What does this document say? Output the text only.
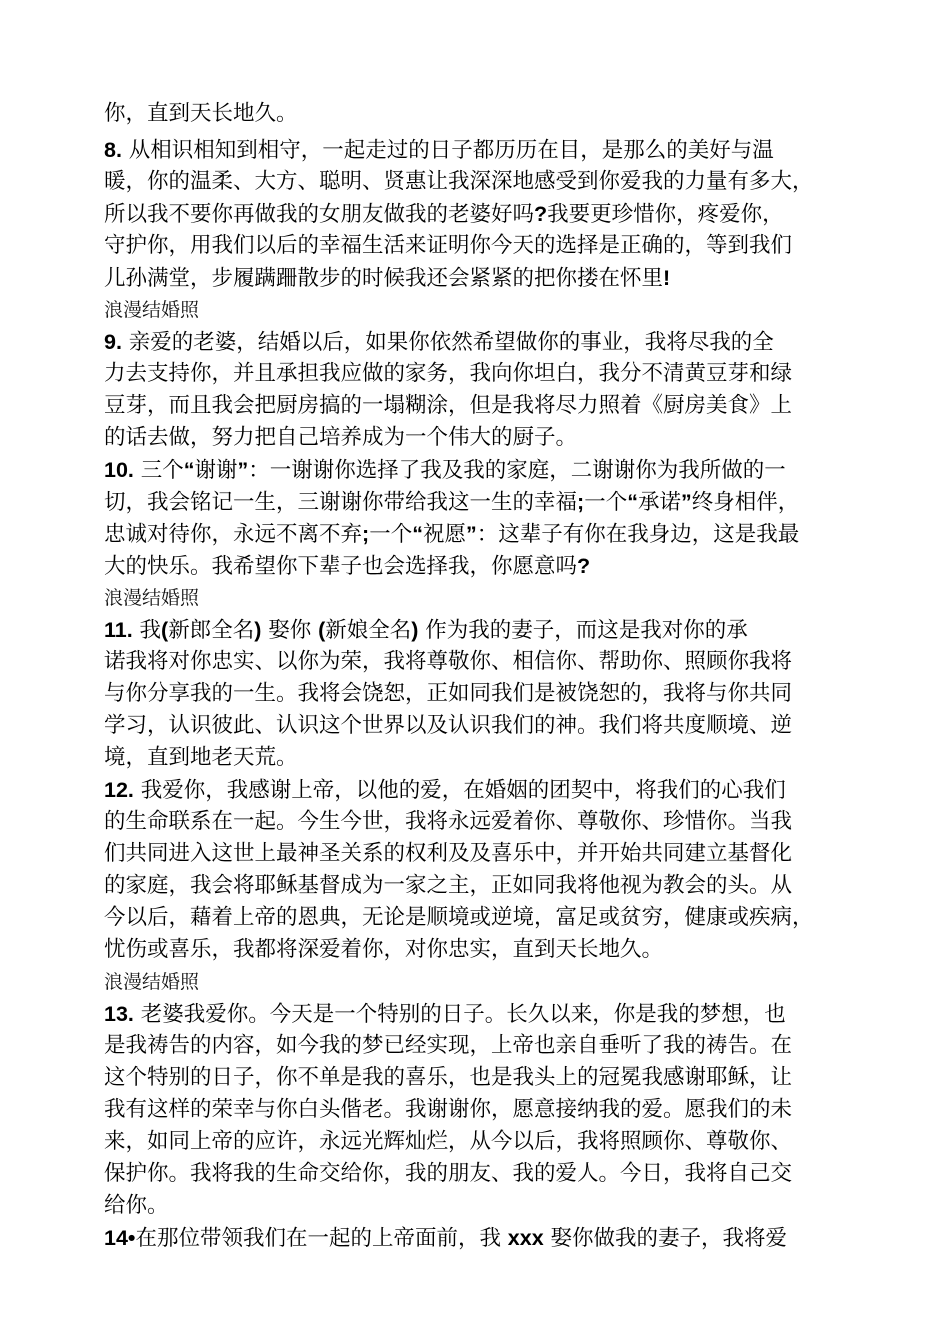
你，直到天长地久。
8. 从相识相知到相守，一起走过的日子都历历在目，是那么的美好与温
暖，你的温柔、大方、聪明、贤惠让我深深地感受到你爱我的力量有多大，
所以我不要你再做我的女朋友做我的老婆好吗?我要更珍惜你，疼爱你，
守护你，用我们以后的幸福生活来证明你今天的选择是正确的，等到我们
儿孙满堂，步履蹒跚散步的时候我还会紧紧的把你搂在怀里!
浪漫结婚照
9. 亲爱的老婆，结婚以后，如果你依然希望做你的事业，我将尽我的全
力去支持你，并且承担我应做的家务，我向你坦白，我分不清黄豆芽和绿
豆芽，而且我会把厨房搞的一塌糊涂，但是我将尽力照着《厨房美食》上
的话去做，努力把自己培养成为一个伟大的厨子。
10. 三个“谢谢”：一谢谢你选择了我及我的家庭，二谢谢你为我所做的一
切，我会铭记一生，三谢谢你带给我这一生的幸福;一个“承诺”终身相伴，
忠诚对待你，永远不离不弃;一个“祝愿”：这辈子有你在我身边，这是我最
大的快乐。我希望你下辈子也会选择我，你愿意吗?
浪漫结婚照
11. 我(新郎全名) 娶你 (新娘全名) 作为我的妻子，而这是我对你的承
诺我将对你忠实、以你为荣，我将尊敬你、相信你、帮助你、照顾你我将
与你分享我的一生。我将会饶恕，正如同我们是被饶恕的，我将与你共同
学习，认识彼此、认识这个世界以及认识我们的神。我们将共度顺境、逆
境，直到地老天荒。
12. 我爱你，我感谢上帝，以他的爱，在婚姻的团契中，将我们的心我们
的生命联系在一起。今生今世，我将永远爱着你、尊敬你、珍惜你。当我
们共同进入这世上最神圣关系的权利及及喜乐中，并开始共同建立基督化
的家庭，我会将耶稣基督成为一家之主，正如同我将他视为教会的头。从
今以后，藉着上帝的恩典，无论是顺境或逆境，富足或贫穷，健康或疾病，
忧伤或喜乐，我都将深爱着你，对你忠实，直到天长地久。
浪漫结婚照
13. 老婆我爱你。今天是一个特别的日子。长久以来，你是我的梦想，也
是我祷告的内容，如今我的梦已经实现，上帝也亲自垂听了我的祷告。在
这个特别的日子，你不单是我的喜乐，也是我头上的冠冕我感谢耶稣，让
我有这样的荣幸与你白头偕老。我谢谢你，愿意接纳我的爱。愿我们的未
来，如同上帝的应许，永远光辉灿烂，从今以后，我将照顾你、尊敬你、
保护你。我将我的生命交给你，我的朋友、我的爱人。今日，我将自己交
给你。
14•在那位带领我们在一起的上帝面前，我 xxx 娶你做我的妻子，我将爱
